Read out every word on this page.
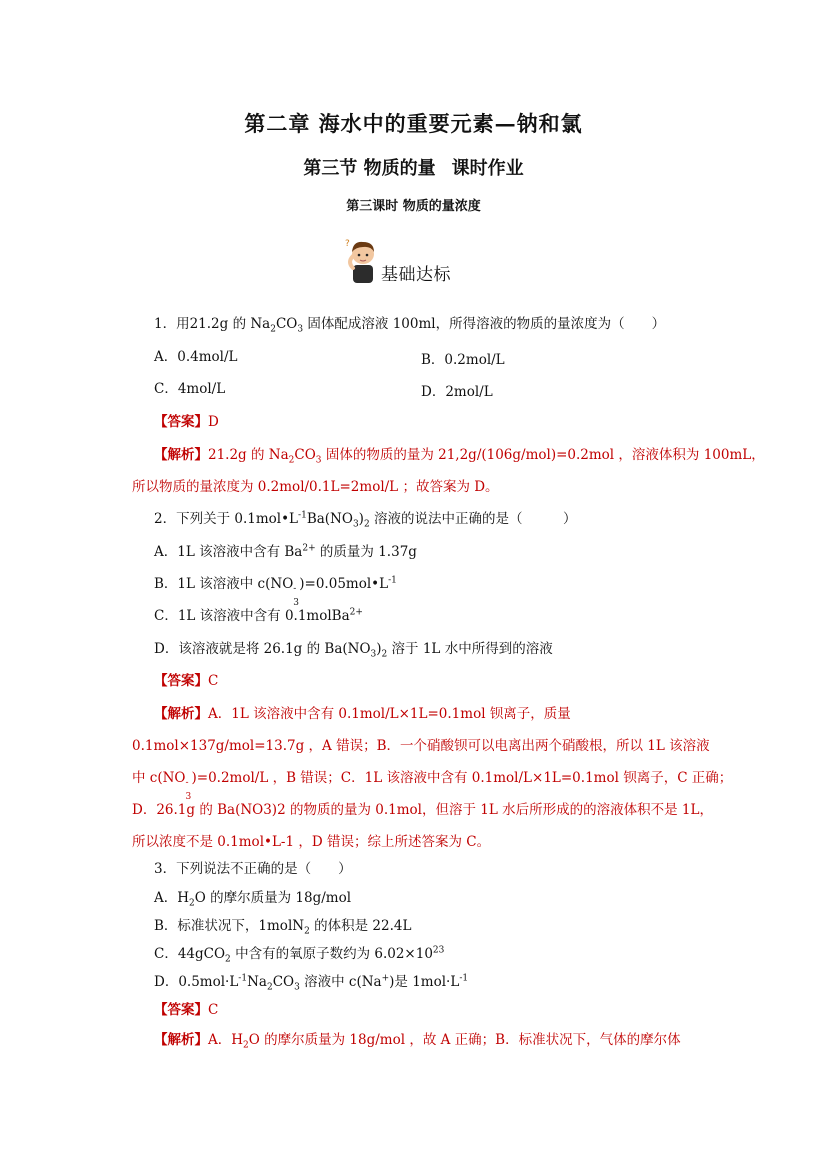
第二章 海水中的重要元素—钠和氯
第三节 物质的量 课时作业
第三课时 物质的量浓度
?
基础达标
1．用21.2g 的 $Na_2CO_3$ 固体配成溶液 100ml，所得溶液的物质的量浓度为（　　）
A．0.4mol/L	B．0.2mol/L
C．4mol/L	D．2mol/L
【答案】D
【解析】21.2g 的 $Na_2CO_3$ 固体的物质的量为 21,2g/(106g/mol)=0.2mol ，溶液体积为 100mL，
所以物质的量浓度为 0.2mol/0.1L=2mol/L ；故答案为 D。
2．下列关于 $0.1mol•L^{-1}Ba(NO_3)_2$ 溶液的说法中正确的是（　　　）
A．1L 该溶液中含有 $Ba^{2+}$ 的质量为 1.37g
B．1L 该溶液中 c(NO -
3
)$=0.05mol•L^{-1}$
C．1L 该溶液中含有 0.1molBa$^{2+}$
D．该溶液就是将 26.1g 的 $Ba(NO_3)_2$ 溶于 1L 水中所得到的溶液
【答案】C
【解析】A．1L 该溶液中含有 0.1mol/L×1L=0.1mol 钡离子，质量
0.1mol×137g/mol=13.7g ，A 错误；B．一个硝酸钡可以电离出两个硝酸根，所以 1L 该溶液
中 c(NO -
3
)=0.2mol/L ，B 错误；C．1L 该溶液中含有 0.1mol/L×1L=0.1mol 钡离子，C 正确；
D．26.1g 的 Ba(NO3)2 的物质的量为 0.1mol，但溶于 1L 水后所形成的的溶液体积不是 1L，
所以浓度不是 0.1mol•L-1 ，D 错误；综上所述答案为 C。
3．下列说法不正确的是（　　）
A．$H_2O$ 的摩尔质量为 18g/mol
B．标准状况下，1molN$_2$ 的体积是 22.4L
C．44gCO$_2$ 中含有的氧原子数约为 $6.02\times 10^{23}$
D．$0.5mol\cdot L^{-1}Na_2CO_3$ 溶液中 c(Na+)是 $1mol\cdot L^{-1}$
【答案】C
【解析】A．$H_2O$ 的摩尔质量为 18g/mol ，故 A 正确；B．标准状况下，气体的摩尔体
